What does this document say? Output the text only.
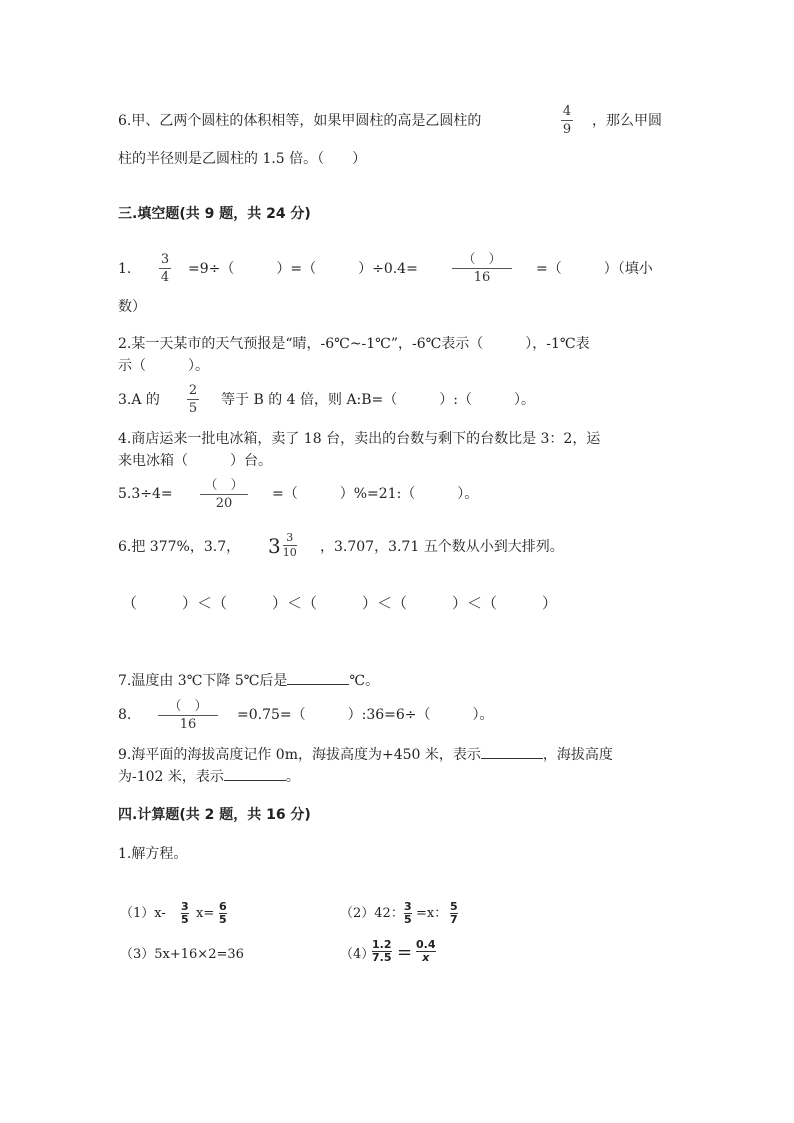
6.甲、乙两个圆柱的体积相等，如果甲圆柱的高是乙圆柱的
4
9
，那么甲圆
柱的半径则是乙圆柱的 1.5 倍。（　　）
三.填空题(共 9 题，共 24 分)
1.
3
4
=9÷（　　　）=（　　　）÷0.4=
（　）
16
=（　　　）（填小
数）
2.某一天某市的天气预报是“晴，-6℃~-1℃”，-6℃表示（　　　），-1℃表
示（　　　）。
3.A 的
2
5
等于 B 的 4 倍，则 A:B=（　　　）:（　　　）。
4.商店运来一批电冰箱，卖了 18 台，卖出的台数与剩下的台数比是 3：2，运
来电冰箱（　　　）台。
5.3÷4=
（　）
20
=（　　　）%=21:（　　　）。
6.把 377%，3.7， $3 \frac{3}{10}$ ，3.707，3.71 五个数从小到大排列。
（　　　）＜（　　　）＜（　　　）＜（　　　）＜（　　　）
7.温度由 3℃下降 5℃后是	℃。
8.
（　）
16
=0.75=（　　　）:36=6÷（　　　）。
9.海平面的海拔高度记作 0m，海拔高度为+450 米，表示	，海拔高度
为-102 米，表示	。
四.计算题(共 2 题，共 16 分)
1.解方程。
（1）x- 3
5 x= 6
5	（2）42： 3
5 =x： 5
7
（3）5x+16×2=36	（4）
1.2
7.5 = 0.4
x
